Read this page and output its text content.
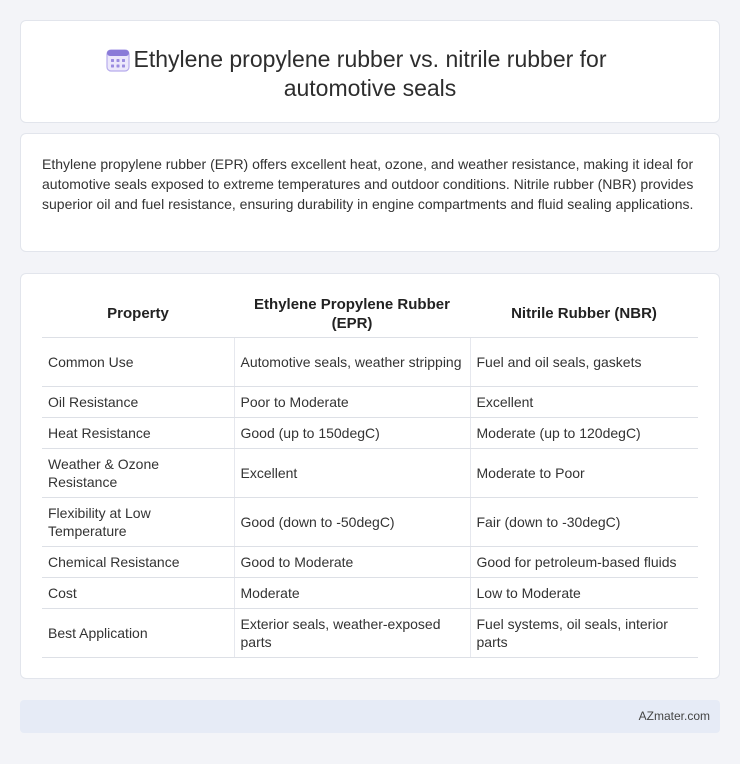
Ethylene propylene rubber vs. nitrile rubber for automotive seals

Ethylene propylene rubber (EPR) offers excellent heat, ozone, and weather resistance, making it ideal for automotive seals exposed to extreme temperatures and outdoor conditions. Nitrile rubber (NBR) provides superior oil and fuel resistance, ensuring durability in engine compartments and fluid sealing applications.

Property	Ethylene Propylene Rubber (EPR)	Nitrile Rubber (NBR)
Common Use	Automotive seals, weather stripping	Fuel and oil seals, gaskets
Oil Resistance	Poor to Moderate	Excellent
Heat Resistance	Good (up to 150degC)	Moderate (up to 120degC)
Weather & Ozone Resistance	Excellent	Moderate to Poor
Flexibility at Low Temperature	Good (down to -50degC)	Fair (down to -30degC)
Chemical Resistance	Good to Moderate	Good for petroleum-based fluids
Cost	Moderate	Low to Moderate
Best Application	Exterior seals, weather-exposed parts	Fuel systems, oil seals, interior parts
AZmater.com
